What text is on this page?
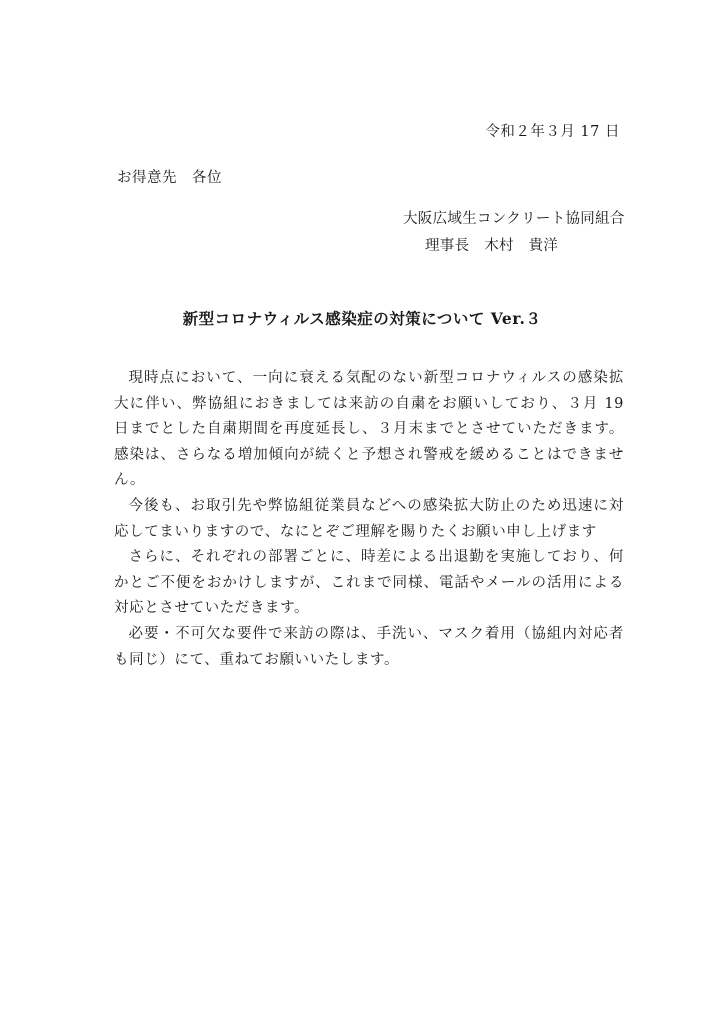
令和２年３月 17 日
お得意先　各位
大阪広域生コンクリート協同組合
理事長　木村　貴洋
新型コロナウィルス感染症の対策について Ver.３

現時点において、一向に衰える気配のない新型コロナウィルスの感染拡大に伴い、弊協組におきましては来訪の自粛をお願いしており、３月 19 日までとした自粛期間を再度延長し、３月末までとさせていただきます。感染は、さらなる増加傾向が続くと予想され警戒を緩めることはできません。

今後も、お取引先や弊協組従業員などへの感染拡大防止のため迅速に対応してまいりますので、なにとぞご理解を賜りたくお願い申し上げます

さらに、それぞれの部署ごとに、時差による出退勤を実施しており、何かとご不便をおかけしますが、これまで同様、電話やメールの活用による対応とさせていただきます。

必要・不可欠な要件で来訪の際は、手洗い、マスク着用（協組内対応者も同じ）にて、重ねてお願いいたします。
